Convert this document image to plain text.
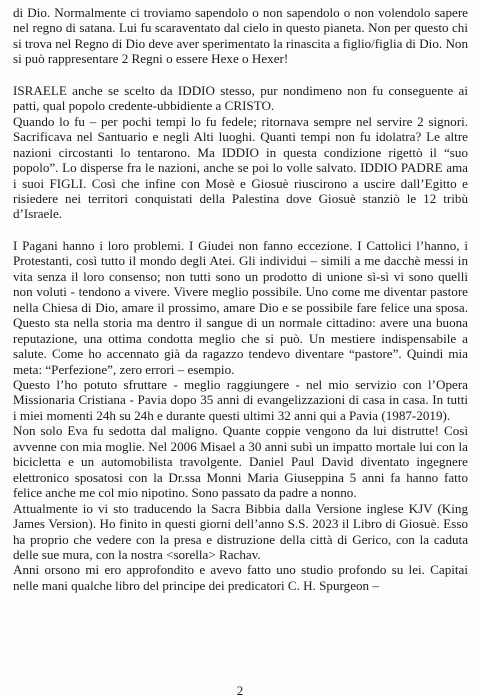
di Dio. Normalmente ci troviamo sapendolo o non sapendolo o non volendolo sapere nel regno di satana. Lui fu scaraventato dal cielo in questo pianeta. Non per questo chi si trova nel Regno di Dio deve aver sperimentato la rinascita a figlio/figlia di Dio. Non si può rappresentare 2 Regni o essere Hexe o Hexer!

ISRAELE anche se scelto da IDDIO stesso, pur nondimeno non fu conseguente ai patti, qual popolo credente-ubbidiente a CRISTO.

Quando lo fu – per pochi tempi lo fu fedele; ritornava sempre nel servire 2 signori. Sacrificava nel Santuario e negli Alti luoghi. Quanti tempi non fu idolatra? Le altre nazioni circostanti lo tentarono. Ma IDDIO in questa condizione rigettò il “suo popolo”. Lo disperse fra le nazioni, anche se poi lo volle salvato. IDDIO PADRE ama i suoi FIGLI. Così che infine con Mosè e Giosuè riuscirono a uscire dall’Egitto e risiedere nei territori conquistati della Palestina dove Giosuè stanziò le 12 tribù d’Israele.

I Pagani hanno i loro problemi. I Giudei non fanno eccezione. I Cattolici l’hanno, i Protestanti, così tutto il mondo degli Atei. Gli individui – simili a me dacchè messi in vita senza il loro consenso; non tutti sono un prodotto di unione sì-sì vi sono quelli non voluti - tendono a vivere. Vivere meglio possibile. Uno come me diventar pastore nella Chiesa di Dio, amare il prossimo, amare Dio e se possibile fare felice una sposa. Questo sta nella storia ma dentro il sangue di un normale cittadino: avere una buona reputazione, una ottima condotta meglio che si può. Un mestiere indispensabile a salute. Come ho accennato già da ragazzo tendevo diventare “pastore”. Quindi mia meta: “Perfezione”, zero errori – esempio.

Questo l’ho potuto sfruttare - meglio raggiungere - nel mio servizio con l’Opera Missionaria Cristiana - Pavia dopo 35 anni di evangelizzazioni di casa in casa. In tutti i miei momenti 24h su 24h e durante questi ultimi 32 anni qui a Pavia (1987-2019).

Non solo Eva fu sedotta dal maligno. Quante coppie vengono da lui distrutte! Così avvenne con mia moglie. Nel 2006 Misael a 30 anni subì un impatto mortale lui con la bicicletta e un automobilista travolgente. Daniel Paul David diventato ingegnere elettronico sposatosi con la Dr.ssa Monni Maria Giuseppina 5 anni fa hanno fatto felice anche me col mio nipotino. Sono passato da padre a nonno.

Attualmente io vi sto traducendo la Sacra Bibbia dalla Versione inglese KJV (King James Version). Ho finito in questi giorni dell’anno S.S. 2023 il Libro di Giosuè. Esso ha proprio che vedere con la presa e distruzione della città di Gerico, con la caduta delle sue mura, con la nostra <sorella> Rachav.

Anni orsono mi ero approfondito e avevo fatto uno studio profondo su lei. Capitai nelle mani qualche libro del principe dei predicatori C. H. Spurgeon –

2
